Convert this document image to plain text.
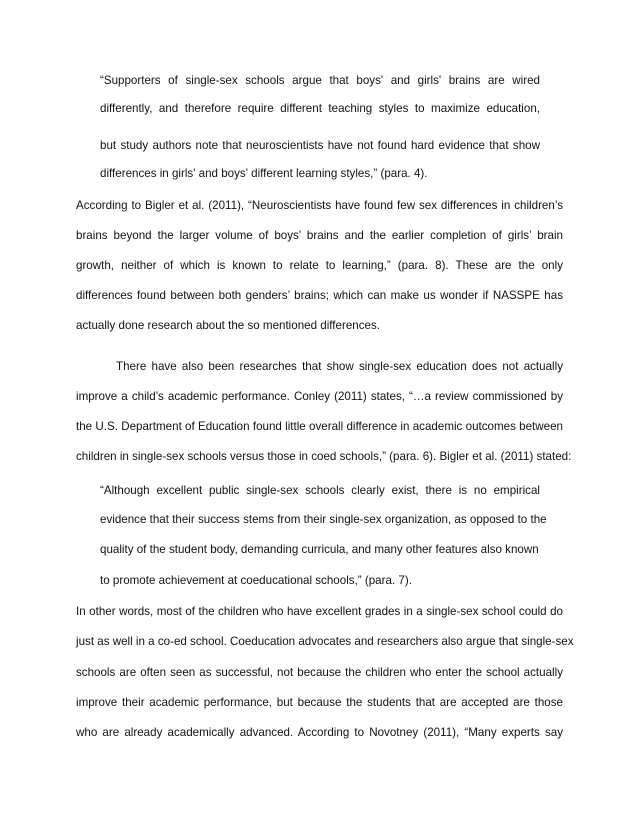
“Supporters of single-sex schools argue that boys' and girls' brains are wired
differently, and therefore require different teaching styles to maximize education,
but study authors note that neuroscientists have not found hard evidence that show
differences in girls' and boys' different learning styles,” (para. 4).
According to Bigler et al. (2011), “Neuroscientists have found few sex differences in children’s
brains beyond the larger volume of boys’ brains and the earlier completion of girls’ brain
growth, neither of which is known to relate to learning,” (para. 8). These are the only
differences found between both genders’ brains; which can make us wonder if NASSPE has
actually done research about the so mentioned differences.
There have also been researches that show single-sex education does not actually
improve a child’s academic performance. Conley (2011) states, “…a review commissioned by
the U.S. Department of Education found little overall difference in academic outcomes between
children in single-sex schools versus those in coed schools,” (para. 6). Bigler et al. (2011) stated:
“Although excellent public single-sex schools clearly exist, there is no empirical
evidence that their success stems from their single-sex organization, as opposed to the
quality of the student body, demanding curricula, and many other features also known
to promote achievement at coeducational schools,” (para. 7).
In other words, most of the children who have excellent grades in a single-sex school could do
just as well in a co-ed school. Coeducation advocates and researchers also argue that single-sex
schools are often seen as successful, not because the children who enter the school actually
improve their academic performance, but because the students that are accepted are those
who are already academically advanced. According to Novotney (2011), “Many experts say
